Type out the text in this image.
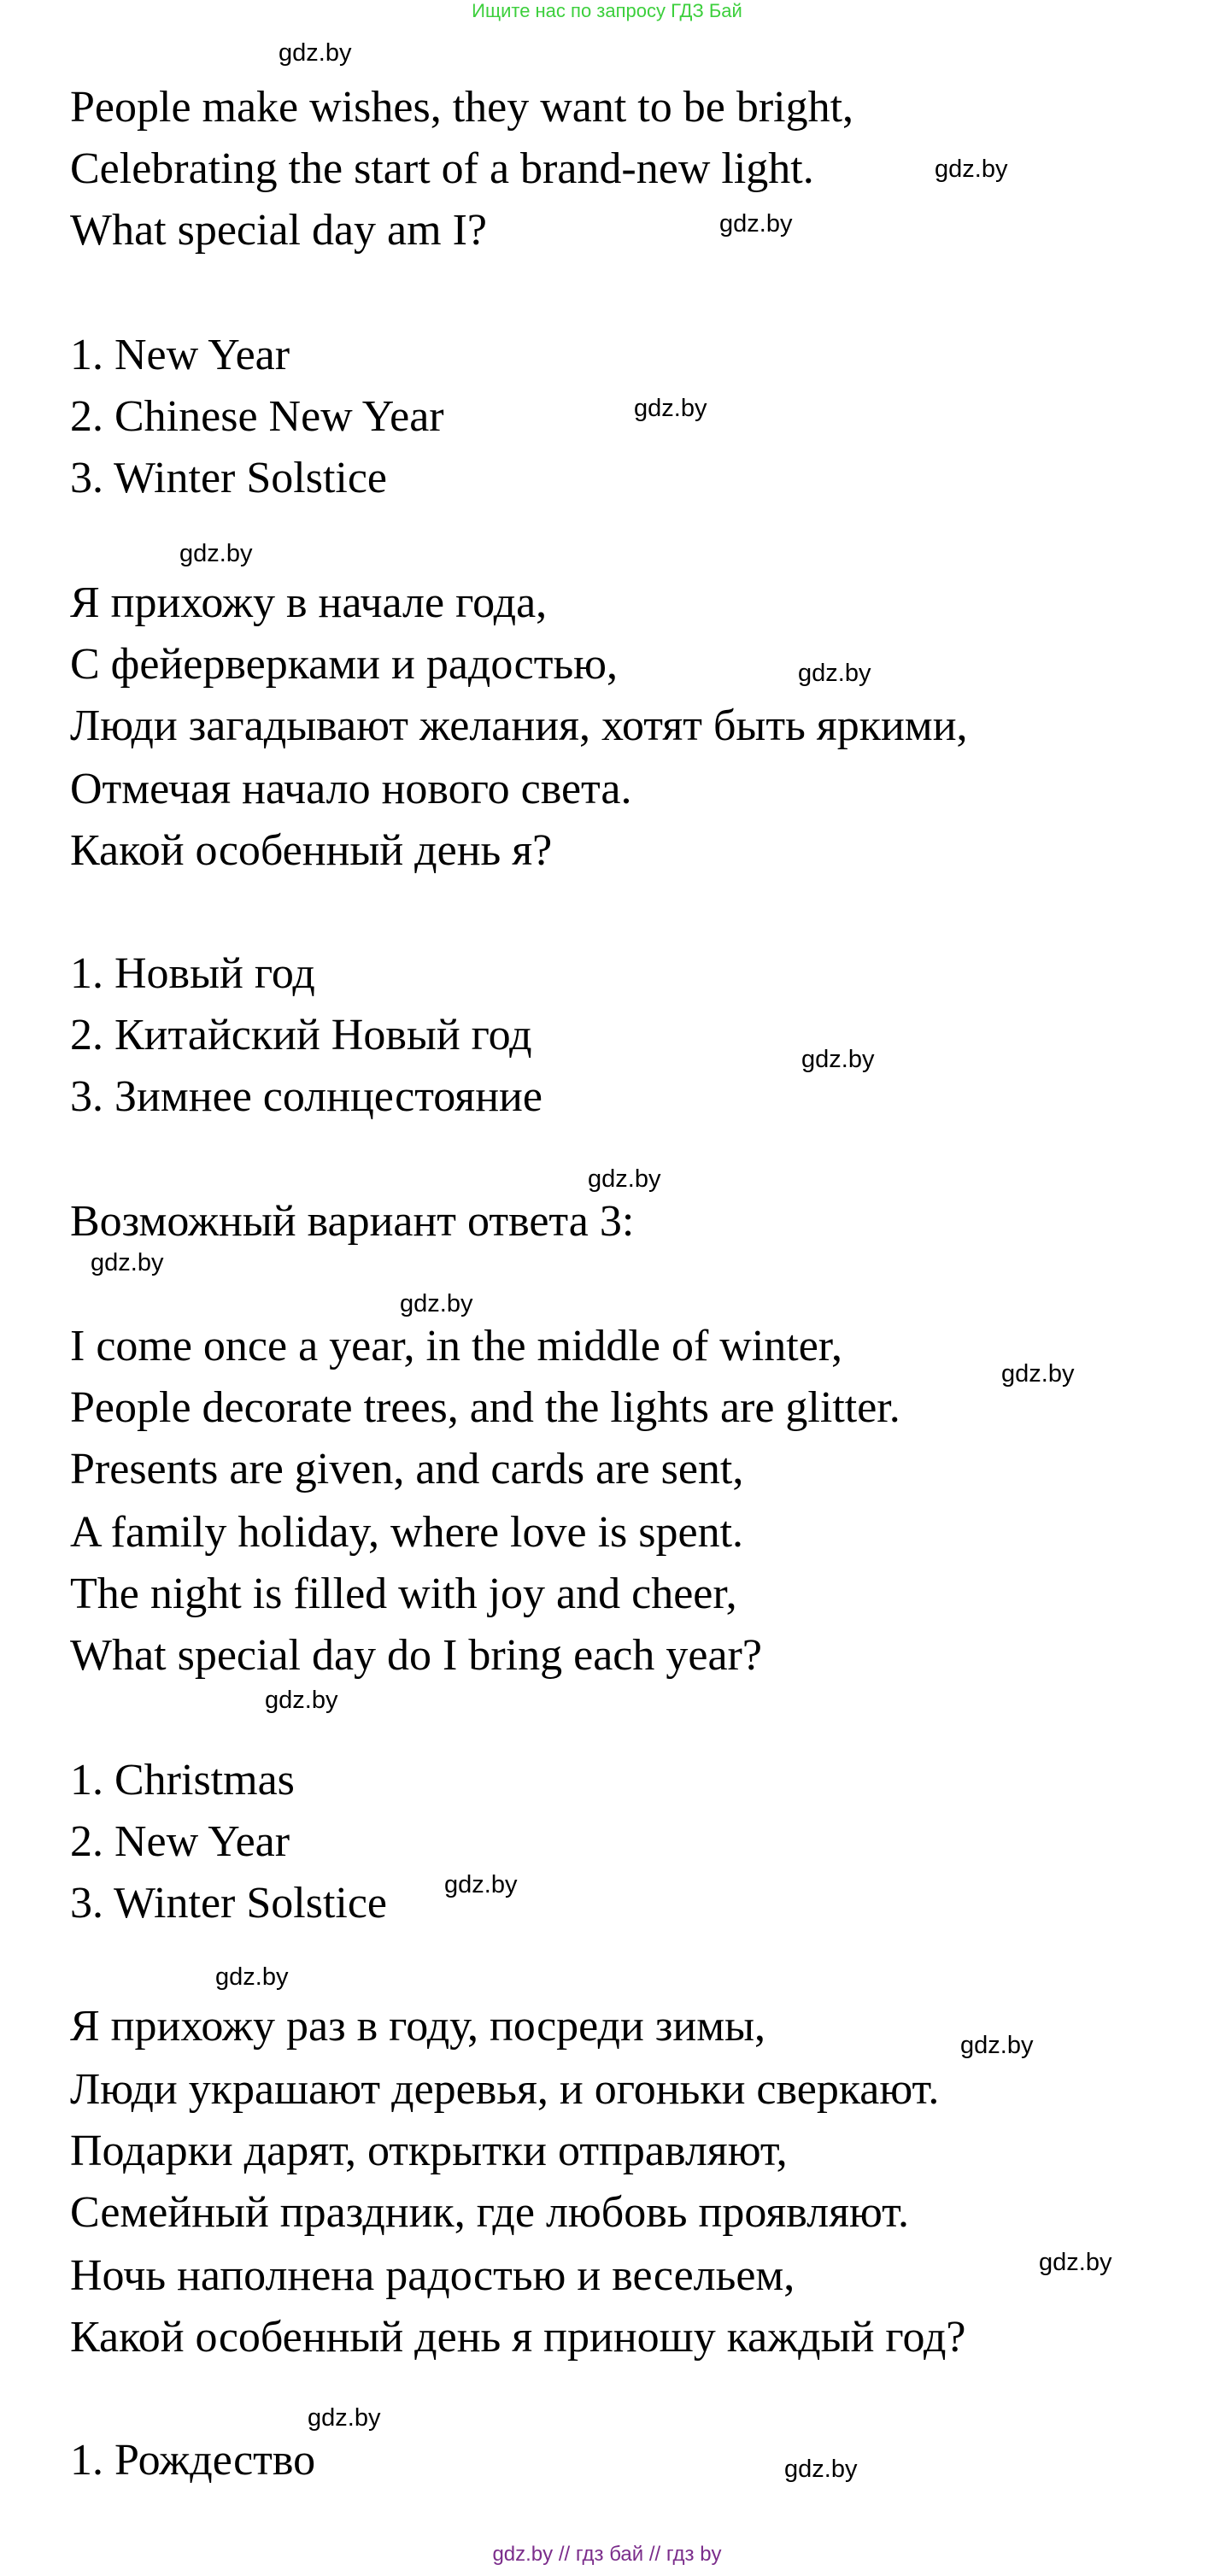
Ищите нас по запросу ГДЗ Бай
People make wishes, they want to be bright,
Celebrating the start of a brand-new light.
What special day am I?
1. New Year
2. Chinese New Year
3. Winter Solstice
Я прихожу в начале года,
С фейерверками и радостью,
Люди загадывают желания, хотят быть яркими,
Отмечая начало нового света.
Какой особенный день я?
1. Новый год
2. Китайский Новый год
3. Зимнее солнцестояние
Возможный вариант ответа 3:
I come once a year, in the middle of winter,
People decorate trees, and the lights are glitter.
Presents are given, and cards are sent,
A family holiday, where love is spent.
The night is filled with joy and cheer,
What special day do I bring each year?
1. Christmas
2. New Year
3. Winter Solstice
Я прихожу раз в году, посреди зимы,
Люди украшают деревья, и огоньки сверкают.
Подарки дарят, открытки отправляют,
Семейный праздник, где любовь проявляют.
Ночь наполнена радостью и весельем,
Какой особенный день я приношу каждый год?
1. Рождество
gdz.by
gdz.by
gdz.by
gdz.by
gdz.by
gdz.by
gdz.by
gdz.by
gdz.by
gdz.by
gdz.by
gdz.by
gdz.by
gdz.by
gdz.by
gdz.by
gdz.by
gdz.by
gdz.by // гдз бай // гдз by
